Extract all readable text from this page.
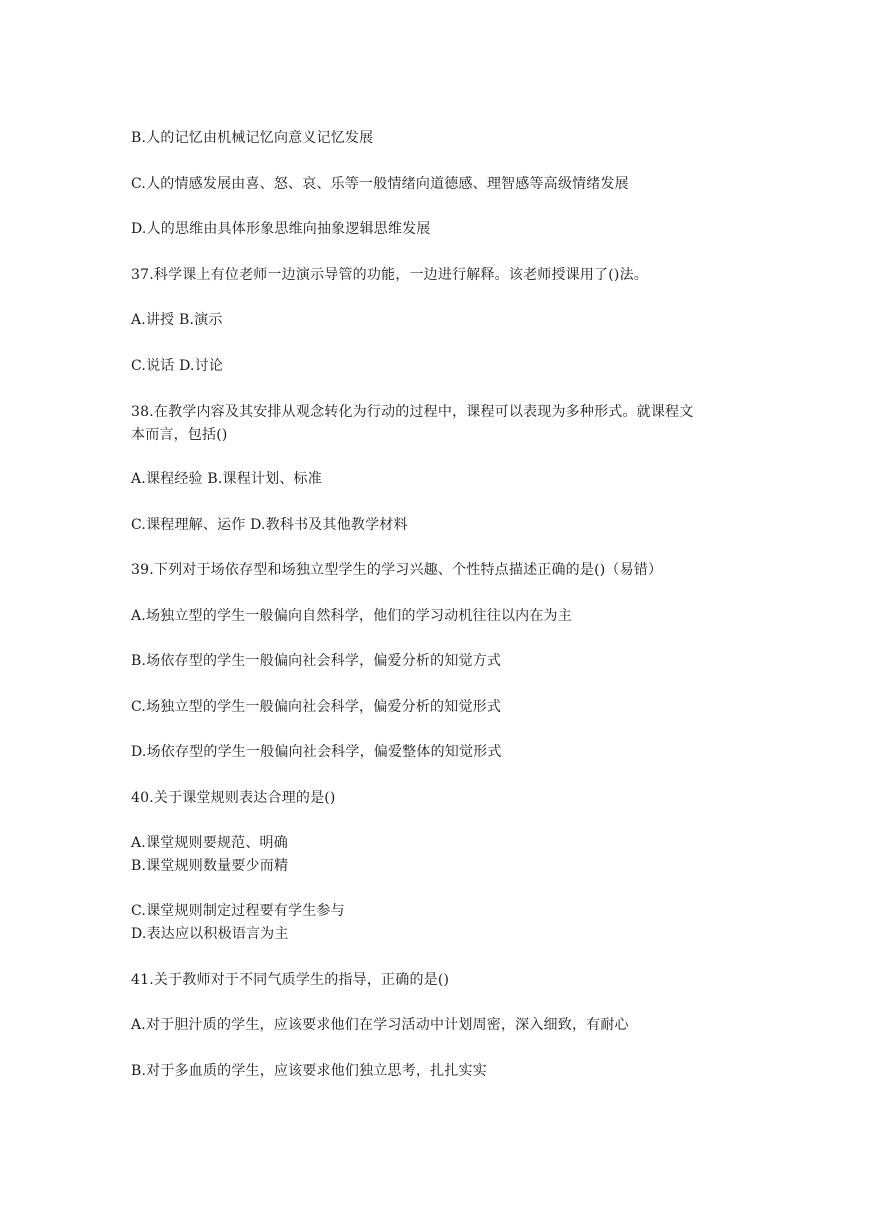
B.人的记忆由机械记忆向意义记忆发展
C.人的情感发展由喜、怒、哀、乐等一般情绪向道德感、理智感等高级情绪发展
D.人的思维由具体形象思维向抽象逻辑思维发展
37.科学课上有位老师一边演示导管的功能，一边进行解释。该老师授课用了()法。
A.讲授 B.演示
C.说话 D.讨论
38.在教学内容及其安排从观念转化为行动的过程中，课程可以表现为多种形式。就课程文
本而言，包括()
A.课程经验 B.课程计划、标准
C.课程理解、运作 D.教科书及其他教学材料
39.下列对于场依存型和场独立型学生的学习兴趣、个性特点描述正确的是()（易错）
A.场独立型的学生一般偏向自然科学，他们的学习动机往往以内在为主
B.场依存型的学生一般偏向社会科学，偏爱分析的知觉方式
C.场独立型的学生一般偏向社会科学，偏爱分析的知觉形式
D.场依存型的学生一般偏向社会科学，偏爱整体的知觉形式
40.关于课堂规则表达合理的是()
A.课堂规则要规范、明确
B.课堂规则数量要少而精
C.课堂规则制定过程要有学生参与
D.表达应以积极语言为主
41.关于教师对于不同气质学生的指导，正确的是()
A.对于胆汁质的学生，应该要求他们在学习活动中计划周密，深入细致，有耐心
B.对于多血质的学生，应该要求他们独立思考，扎扎实实
